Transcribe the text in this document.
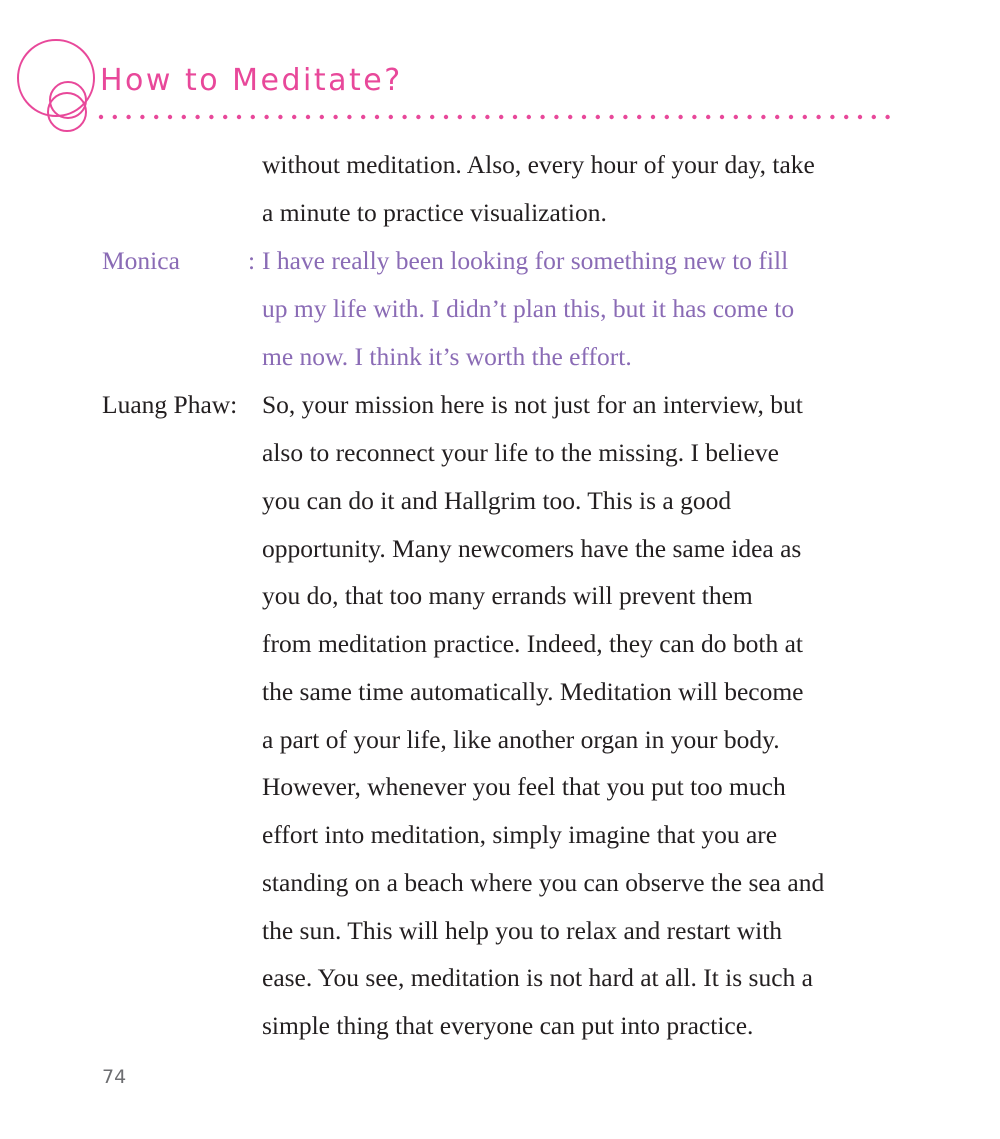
How to Meditate?
without meditation. Also, every hour of your day, take
a minute to practice visualization.
Monica	: I have really been looking for something new to fill
up my life with. I didn’t plan this, but it has come to
me now. I think it’s worth the effort.
Luang Phaw: So, your mission here is not just for an interview, but
also to reconnect your life to the missing. I believe
you can do it and Hallgrim too. This is a good
opportunity. Many newcomers have the same idea as
you do, that too many errands will prevent them
from meditation practice. Indeed, they can do both at
the same time automatically. Meditation will become
a part of your life, like another organ in your body.
However, whenever you feel that you put too much
effort into meditation, simply imagine that you are
standing on a beach where you can observe the sea and
the sun. This will help you to relax and restart with
ease. You see, meditation is not hard at all. It is such a
simple thing that everyone can put into practice.
74
